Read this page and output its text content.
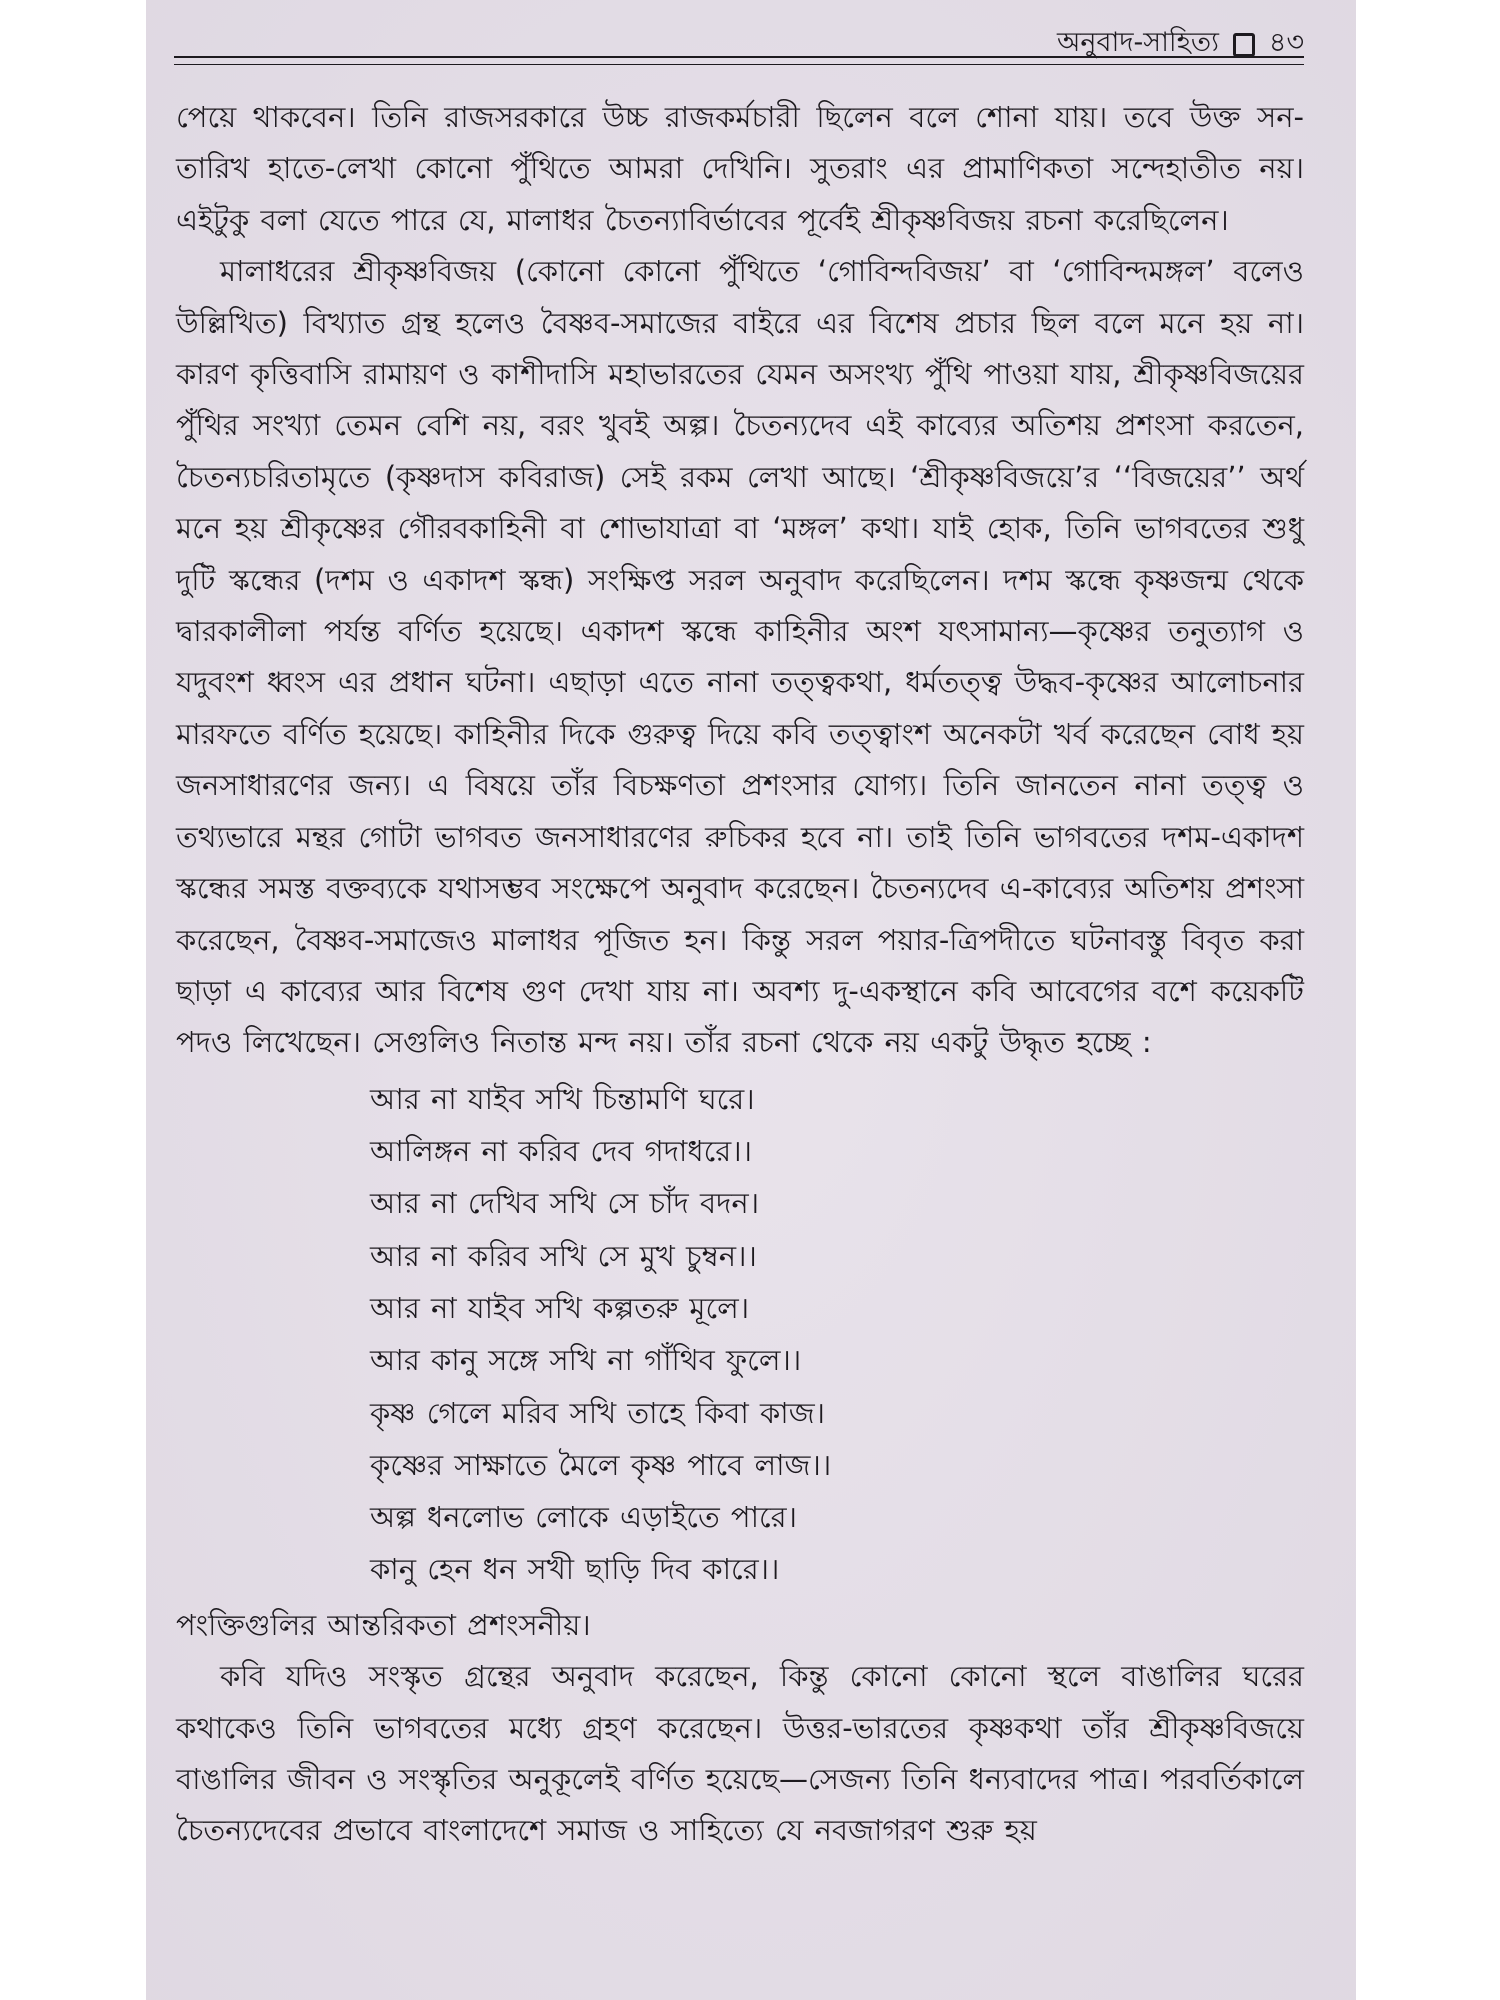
অনুবাদ-সাহিত্য ৪৩

পেয়ে থাকবেন। তিনি রাজসরকারে উচ্চ রাজকর্মচারী ছিলেন বলে শোনা যায়। তবে উক্ত সন-তারিখ হাতে-লেখা কোনো পুঁথিতে আমরা দেখিনি। সুতরাং এর প্রামাণিকতা সন্দেহাতীত নয়। এইটুকু বলা যেতে পারে যে, মালাধর চৈতন্যাবির্ভাবের পূর্বেই শ্রীকৃষ্ণবিজয় রচনা করেছিলেন।

মালাধরের শ্রীকৃষ্ণবিজয় (কোনো কোনো পুঁথিতে ‘গোবিন্দবিজয়’ বা ‘গোবিন্দমঙ্গল’ বলেও উল্লিখিত) বিখ্যাত গ্রন্থ হলেও বৈষ্ণব-সমাজের বাইরে এর বিশেষ প্রচার ছিল বলে মনে হয় না। কারণ কৃত্তিবাসি রামায়ণ ও কাশীদাসি মহাভারতের যেমন অসংখ্য পুঁথি পাওয়া যায়, শ্রীকৃষ্ণবিজয়ের পুঁথির সংখ্যা তেমন বেশি নয়, বরং খুবই অল্প। চৈতন্যদেব এই কাব্যের অতিশয় প্রশংসা করতেন, চৈতন্যচরিতামৃতে (কৃষ্ণদাস কবিরাজ) সেই রকম লেখা আছে। ‘শ্রীকৃষ্ণবিজয়ে’র ‘‘বিজয়ের’’ অর্থ মনে হয় শ্রীকৃষ্ণের গৌরবকাহিনী বা শোভাযাত্রা বা ‘মঙ্গল’ কথা। যাই হোক, তিনি ভাগবতের শুধু দুটি স্কন্ধের (দশম ও একাদশ স্কন্ধ) সংক্ষিপ্ত সরল অনুবাদ করেছিলেন। দশম স্কন্ধে কৃষ্ণজন্ম থেকে দ্বারকালীলা পর্যন্ত বর্ণিত হয়েছে। একাদশ স্কন্ধে কাহিনীর অংশ যৎসামান্য—কৃষ্ণের তনুত্যাগ ও যদুবংশ ধ্বংস এর প্রধান ঘটনা। এছাড়া এতে নানা তত্ত্বকথা, ধর্মতত্ত্ব উদ্ধব-কৃষ্ণের আলোচনার মারফতে বর্ণিত হয়েছে। কাহিনীর দিকে গুরুত্ব দিয়ে কবি তত্ত্বাংশ অনেকটা খর্ব করেছেন বোধ হয় জনসাধারণের জন্য। এ বিষয়ে তাঁর বিচক্ষণতা প্রশংসার যোগ্য। তিনি জানতেন নানা তত্ত্ব ও তথ্যভারে মন্থর গোটা ভাগবত জনসাধারণের রুচিকর হবে না। তাই তিনি ভাগবতের দশম-একাদশ স্কন্ধের সমস্ত বক্তব্যকে যথাসম্ভব সংক্ষেপে অনুবাদ করেছেন। চৈতন্যদেব এ-কাব্যের অতিশয় প্রশংসা করেছেন, বৈষ্ণব-সমাজেও মালাধর পূজিত হন। কিন্তু সরল পয়ার-ত্রিপদীতে ঘটনাবস্তু বিবৃত করা ছাড়া এ কাব্যের আর বিশেষ গুণ দেখা যায় না। অবশ্য দু-একস্থানে কবি আবেগের বশে কয়েকটি পদও লিখেছেন। সেগুলিও নিতান্ত মন্দ নয়। তাঁর রচনা থেকে নয় একটু উদ্ধৃত হচ্ছে :

আর না যাইব সখি চিন্তামণি ঘরে।
আলিঙ্গন না করিব দেব গদাধরে।।
আর না দেখিব সখি সে চাঁদ বদন।
আর না করিব সখি সে মুখ চুম্বন।।
আর না যাইব সখি কল্পতরু মূলে।
আর কানু সঙ্গে সখি না গাঁথিব ফুলে।।
কৃষ্ণ গেলে মরিব সখি তাহে কিবা কাজ।
কৃষ্ণের সাক্ষাতে মৈলে কৃষ্ণ পাবে লাজ।।
অল্প ধনলোভ লোকে এড়াইতে পারে।
কানু হেন ধন সখী ছাড়ি দিব কারে।।

পংক্তিগুলির আন্তরিকতা প্রশংসনীয়।

কবি যদিও সংস্কৃত গ্রন্থের অনুবাদ করেছেন, কিন্তু কোনো কোনো স্থলে বাঙালির ঘরের কথাকেও তিনি ভাগবতের মধ্যে গ্রহণ করেছেন। উত্তর-ভারতের কৃষ্ণকথা তাঁর শ্রীকৃষ্ণবিজয়ে বাঙালির জীবন ও সংস্কৃতির অনুকূলেই বর্ণিত হয়েছে—সেজন্য তিনি ধন্যবাদের পাত্র। পরবর্তিকালে চৈতন্যদেবের প্রভাবে বাংলাদেশে সমাজ ও সাহিত্যে যে নবজাগরণ শুরু হয়
